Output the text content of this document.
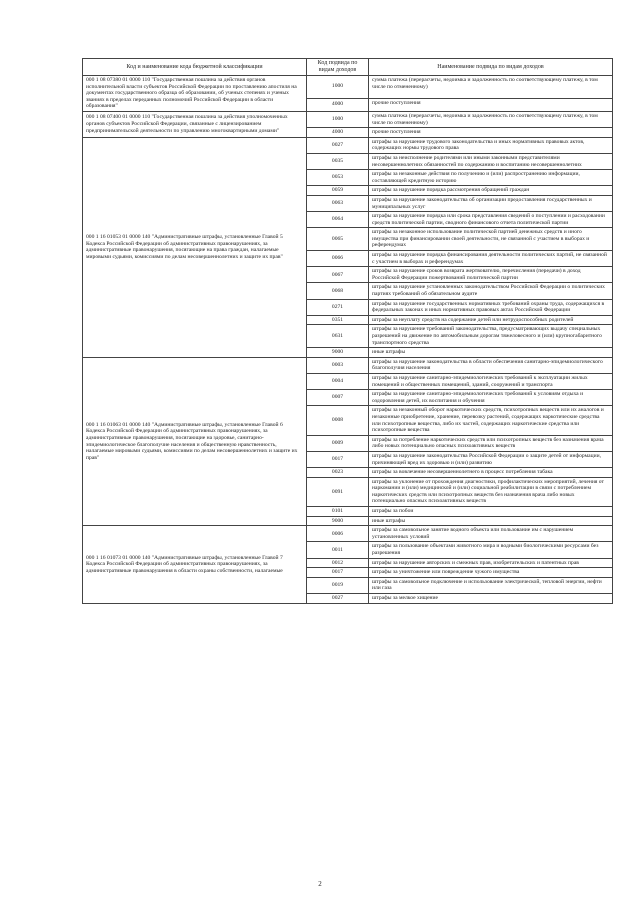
Код и наименование кода бюджетной классификации	Код подвида по видам доходов	Наименование подвида по видам доходов
000 1 08 07380 01 0000 110 "Государственная пошлина за действия органов исполнительной власти субъектов Российской Федерации по проставлению апостиля на документах государственного образца об образовании, об ученых степенях и ученых званиях в пределах переданных полномочий Российской Федерации в области образования"	1000	сумма платежа (перерасчеты, недоимка и задолженность по соответствующему платежу, в том числе по отмененному)
	4000	прочие поступления
000 1 08 07400 01 0000 110 "Государственная пошлина за действия уполномоченных органов субъектов Российской Федерации, связанные с лицензированием предпринимательской деятельности по управлению многоквартирными домами"	1000	сумма платежа (перерасчеты, недоимка и задолженность по соответствующему платежу, в том числе по отмененному)
	4000	прочие поступления
000 1 16 01053 01 0000 140 "Административные штрафы, установленные Главой 5 Кодекса Российской Федерации об административных правонарушениях, за административные правонарушения, посягающие на права граждан, налагаемые мировыми судьями, комиссиями по делам несовершеннолетних и защите их прав"	0027	штрафы за нарушение трудового законодательства и иных нормативных правовых актов, содержащих нормы трудового права
	0035	штрафы за неисполнение родителями или иными законными представителями несовершеннолетних обязанностей по содержанию и воспитанию несовершеннолетних
	0053	штрафы за незаконные действия по получению и (или) распространению информации, составляющей кредитную историю
	0059	штрафы за нарушение порядка рассмотрения обращений граждан
	0063	штрафы за нарушение законодательства об организации предоставления государственных и муниципальных услуг
	0064	штрафы за нарушение порядка или срока представления сведений о поступлении и расходовании средств политической партии, сводного финансового отчета политической партии
	0065	штрафы за незаконное использование политической партией денежных средств и иного имущества при финансировании своей деятельности, не связанной с участием в выборах и референдумах
	0066	штрафы за нарушение порядка финансирования деятельности политических партий, не связанной с участием в выборах и референдумах
	0067	штрафы за нарушение сроков возврата жертвователю, перечисления (передачи) в доход Российской Федерации пожертвований политической партии
	0068	штрафы за нарушение установленных законодательством Российской Федерации о политических партиях требований об обязательном аудите
	0271	штрафы за нарушение государственных нормативных требований охраны труда, содержащихся в федеральных законах и иных нормативных правовых актах Российской Федерации
	0351	штрафы за неуплату средств на содержание детей или нетрудоспособных родителей
	0631	штрафы за нарушение требований законодательства, предусматривающих выдачу специальных разрешений на движение по автомобильным дорогам тяжеловесного и (или) крупногабаритного транспортного средства
	9000	иные штрафы
000 1 16 01063 01 0000 140 "Административные штрафы, установленные Главой 6 Кодекса Российской Федерации об административных правонарушениях, за административные правонарушения, посягающие на здоровье, санитарно-эпидемиологическое благополучие населения и общественную нравственность, налагаемые мировыми судьями, комиссиями по делам несовершеннолетних и защите их прав"	0003	штрафы за нарушение законодательства в области обеспечения санитарно-эпидемиологического благополучия населения
	0004	штрафы за нарушение санитарно-эпидемиологических требований к эксплуатации жилых помещений и общественных помещений, зданий, сооружений и транспорта
	0007	штрафы за нарушение санитарно-эпидемиологических требований к условиям отдыха и оздоровления детей, их воспитания и обучения
	0008	штрафы за незаконный оборот наркотических средств, психотропных веществ или их аналогов и незаконные приобретение, хранение, перевозку растений, содержащих наркотические средства или психотропные вещества, либо их частей, содержащих наркотические средства или психотропные вещества
	0009	штрафы за потребление наркотических средств или психотропных веществ без назначения врача либо новых потенциально опасных психоактивных веществ
	0017	штрафы за нарушение законодательства Российской Федерации о защите детей от информации, причиняющей вред их здоровью и (или) развитию
	0023	штрафы за вовлечение несовершеннолетнего в процесс потребления табака
	0091	штрафы за уклонение от прохождения диагностики, профилактических мероприятий, лечения от наркомании и (или) медицинской и (или) социальной реабилитации в связи с потреблением наркотических средств или психотропных веществ без назначения врача либо новых потенциально опасных психоактивных веществ
	0101	штрафы за побои
	9000	иные штрафы
000 1 16 01073 01 0000 140 "Административные штрафы, установленные Главой 7 Кодекса Российской Федерации об административных правонарушениях, за административные правонарушения в области охраны собственности, налагаемые	0006	штрафы за самовольное занятие водного объекта или пользование им с нарушением установленных условий
	0011	штрафы за пользование объектами животного мира и водными биологическими ресурсами без разрешения
	0012	штрафы за нарушение авторских и смежных прав, изобретательских и патентных прав
	0017	штрафы за уничтожение или повреждение чужого имущества
	0019	штрафы за самовольное подключение и использование электрической, тепловой энергии, нефти или газа
	0027	штрафы за мелкое хищение
2
